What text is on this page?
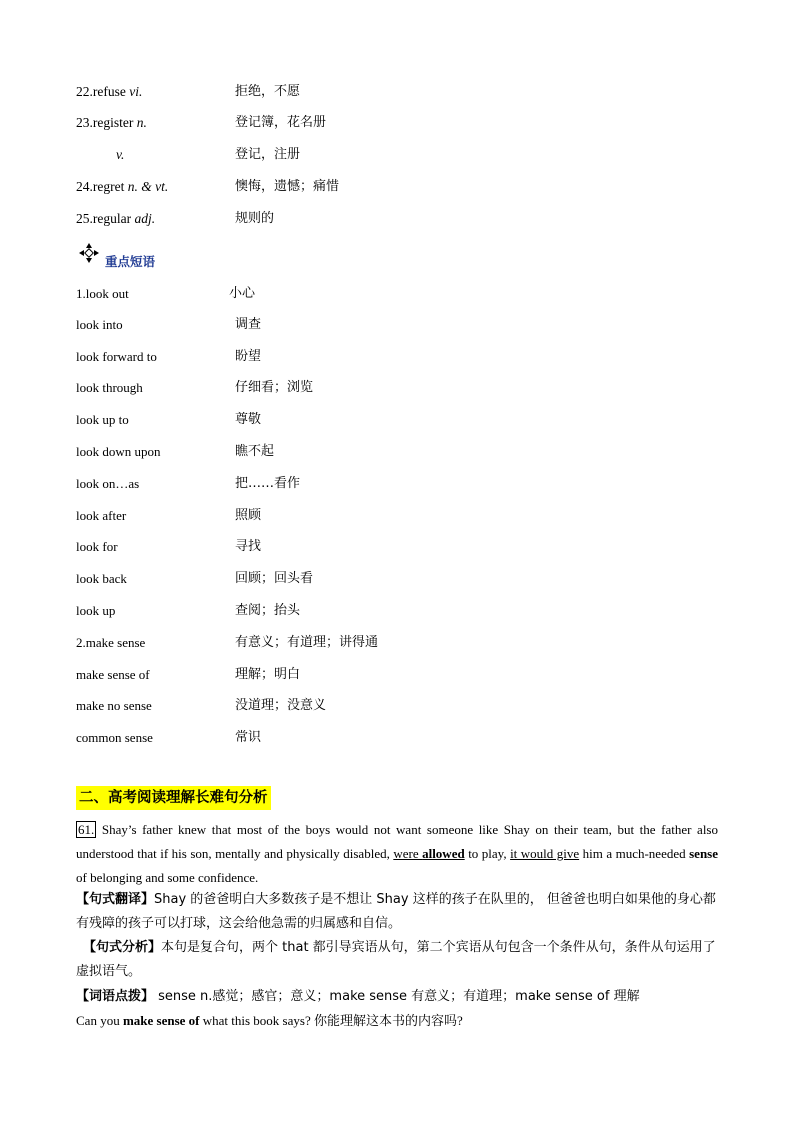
22.refuse vi.	拒绝，不愿
23.register n.	登记簿，花名册
v.	登记，注册
24.regret n. & vt.	懊悔，遗憾；痛惜
25.regular adj.	规则的
重点短语
1.look out	小心
look into	调查
look forward to	盼望
look through	仔细看；浏览
look up to	尊敬
look down upon	瞧不起
look on…as	把……看作
look after	照顾
look for	寻找
look back	回顾；回头看
look up	查阅；抬头
2.make sense	有意义；有道理；讲得通
make sense of	理解；明白
make no sense	没道理；没意义
common sense	常识
二、高考阅读理解长难句分析
61. Shay’s father knew that most of the boys would not want someone like Shay on their team, but the father also understood that if his son, mentally and physically disabled, were allowed to play, it would give him a much-needed sense of belonging and some confidence.
【句式翻译】Shay 的爸爸明白大多数孩子是不想让 Shay 这样的孩子在队里的， 但爸爸也明白如果他的身心都有残障的孩子可以打球，这会给他急需的归属感和自信。
【句式分析】本句是复合句，两个 that 都引导宾语从句，第二个宾语从句包含一个条件从句，条件从句运用了虚拟语气。
【词语点拨】 sense n.感觉；感官；意义；make sense 有意义；有道理；make sense of 理解
Can you make sense of what this book says? 你能理解这本书的内容吗?
